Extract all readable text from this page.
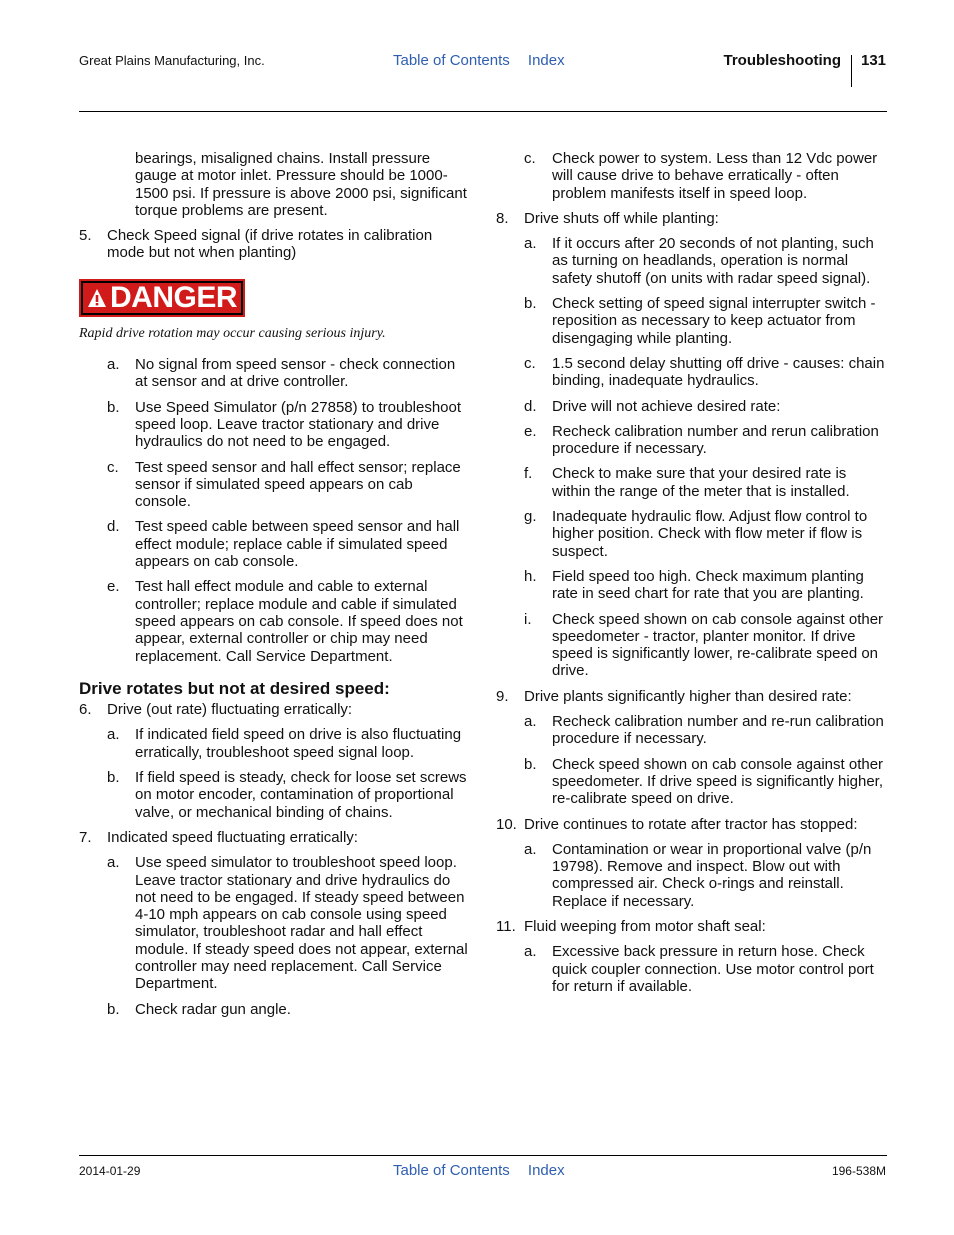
Great Plains Manufacturing, Inc.	Table of Contents Index	Troubleshooting 131
bearings, misaligned chains. Install pressure gauge at motor inlet. Pressure should be 1000-1500 psi. If pressure is above 2000 psi, significant torque problems are present.
5. Check Speed signal (if drive rotates in calibration mode but not when planting)
DANGER
Rapid drive rotation may occur causing serious injury.
a. No signal from speed sensor - check connection at sensor and at drive controller.
b. Use Speed Simulator (p/n 27858) to troubleshoot speed loop. Leave tractor stationary and drive hydraulics do not need to be engaged.
c. Test speed sensor and hall effect sensor; replace sensor if simulated speed appears on cab console.
d. Test speed cable between speed sensor and hall effect module; replace cable if simulated speed appears on cab console.
e. Test hall effect module and cable to external controller; replace module and cable if simulated speed appears on cab console. If speed does not appear, external controller or chip may need replacement. Call Service Department.
Drive rotates but not at desired speed:
6. Drive (out rate) fluctuating erratically:
a. If indicated field speed on drive is also fluctuating erratically, troubleshoot speed signal loop.
b. If field speed is steady, check for loose set screws on motor encoder, contamination of proportional valve, or mechanical binding of chains.
7. Indicated speed fluctuating erratically:
a. Use speed simulator to troubleshoot speed loop. Leave tractor stationary and drive hydraulics do not need to be engaged. If steady speed between 4-10 mph appears on cab console using speed simulator, troubleshoot radar and hall effect module. If steady speed does not appear, external controller may need replacement. Call Service Department.
b. Check radar gun angle.
c. Check power to system. Less than 12 Vdc power will cause drive to behave erratically - often problem manifests itself in speed loop.
8. Drive shuts off while planting:
a. If it occurs after 20 seconds of not planting, such as turning on headlands, operation is normal safety shutoff (on units with radar speed signal).
b. Check setting of speed signal interrupter switch - reposition as necessary to keep actuator from disengaging while planting.
c. 1.5 second delay shutting off drive - causes: chain binding, inadequate hydraulics.
d. Drive will not achieve desired rate:
e. Recheck calibration number and rerun calibration procedure if necessary.
f. Check to make sure that your desired rate is within the range of the meter that is installed.
g. Inadequate hydraulic flow. Adjust flow control to higher position. Check with flow meter if flow is suspect.
h. Field speed too high. Check maximum planting rate in seed chart for rate that you are planting.
i. Check speed shown on cab console against other speedometer - tractor, planter monitor. If drive speed is significantly lower, re-calibrate speed on drive.
9. Drive plants significantly higher than desired rate:
a. Recheck calibration number and re-run calibration procedure if necessary.
b. Check speed shown on cab console against other speedometer. If drive speed is significantly higher, re-calibrate speed on drive.
10. Drive continues to rotate after tractor has stopped:
a. Contamination or wear in proportional valve (p/n 19798). Remove and inspect. Blow out with compressed air. Check o-rings and reinstall. Replace if necessary.
11. Fluid weeping from motor shaft seal:
a. Excessive back pressure in return hose. Check quick coupler connection. Use motor control port for return if available.
2014-01-29	Table of Contents Index	196-538M
